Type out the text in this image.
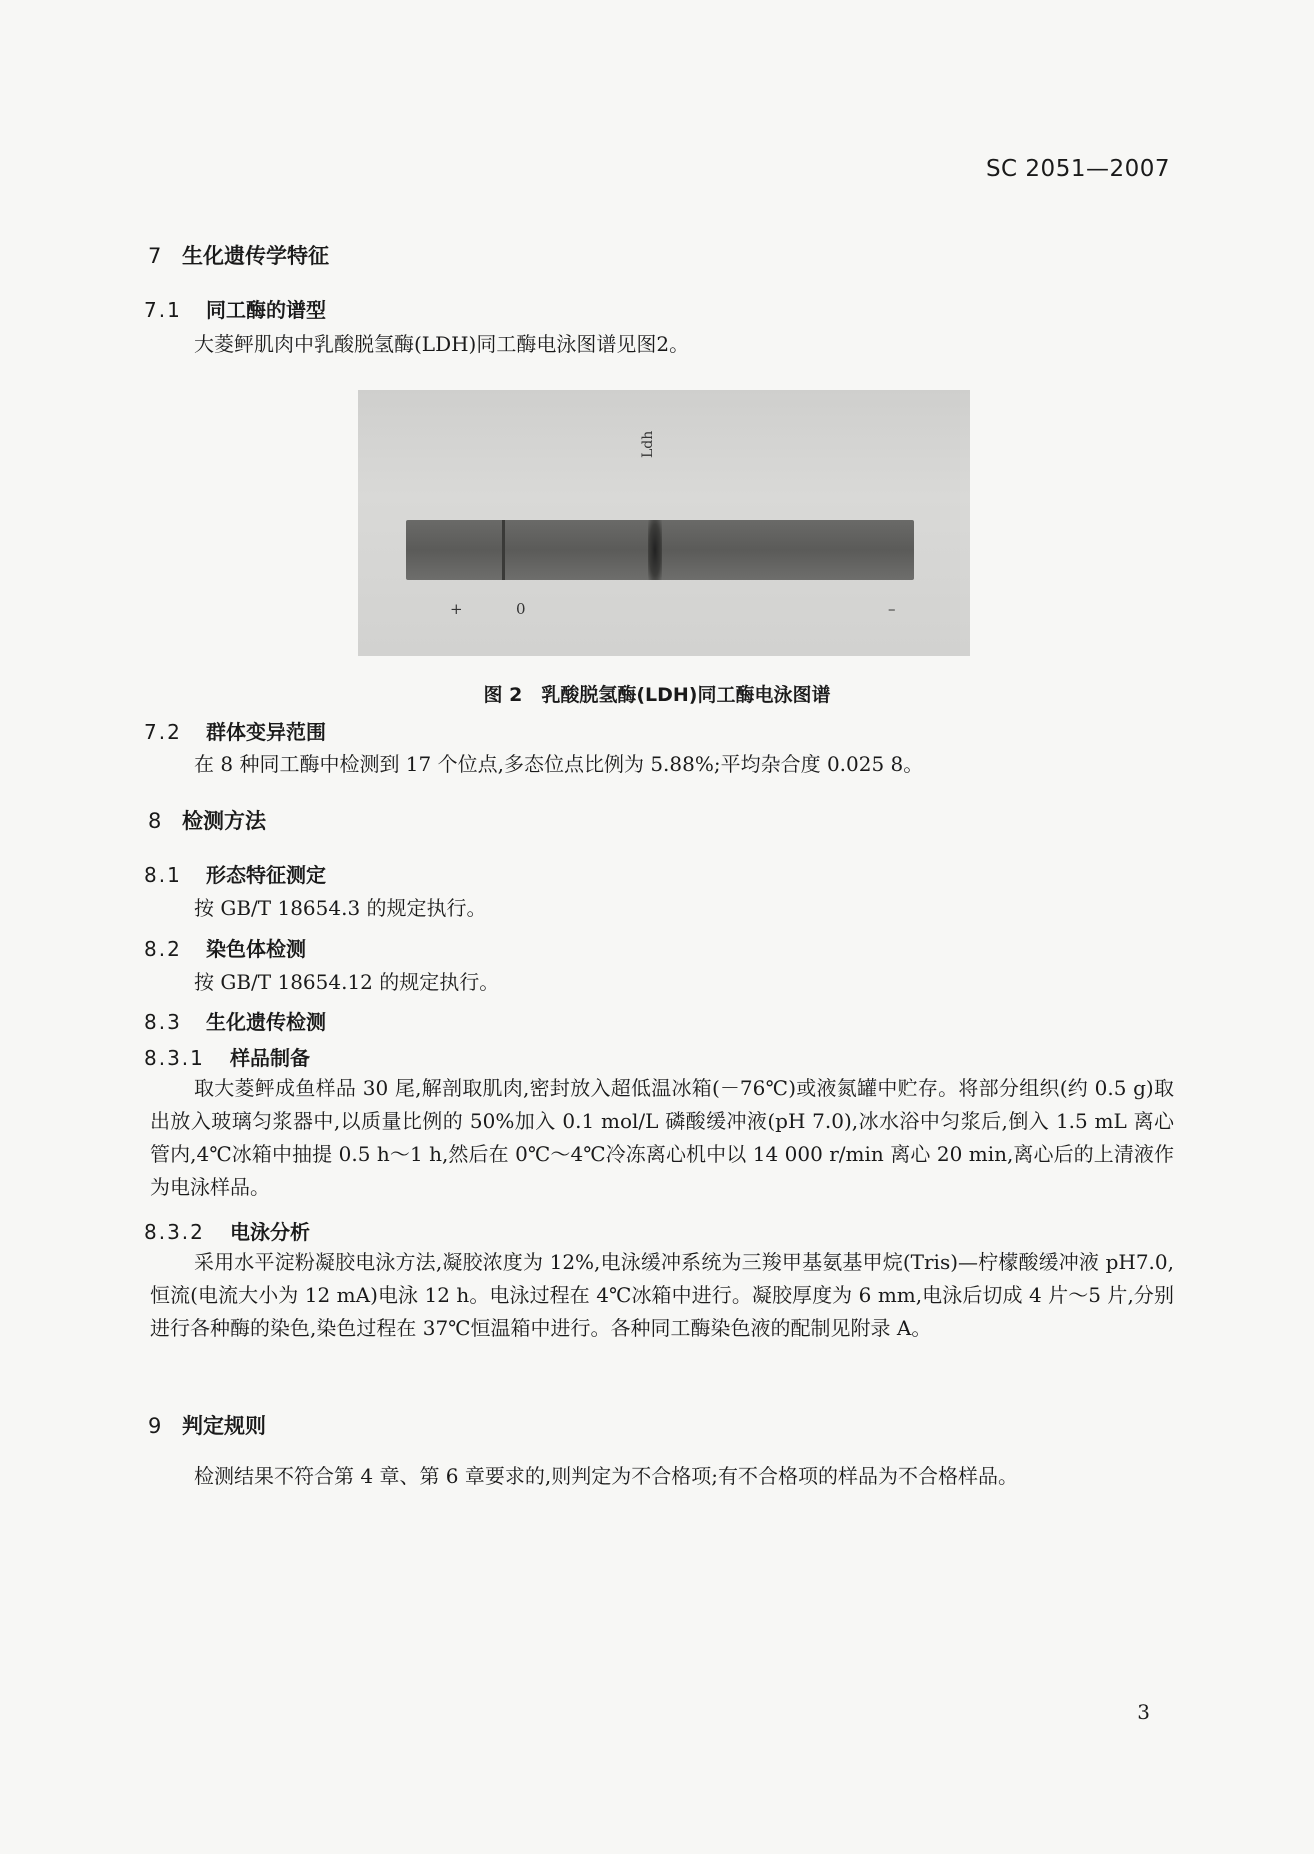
SC 2051—2007
7 生化遗传学特征
7.1 同工酶的谱型
大菱鲆肌肉中乳酸脱氢酶(LDH)同工酶电泳图谱见图2。
Ldh
+	0	–
图 2　乳酸脱氢酶(LDH)同工酶电泳图谱
7.2 群体变异范围
在 8 种同工酶中检测到 17 个位点,多态位点比例为 5.88%;平均杂合度 0.025 8。
8 检测方法
8.1 形态特征测定
按 GB/T 18654.3 的规定执行。
8.2 染色体检测
按 GB/T 18654.12 的规定执行。
8.3 生化遗传检测
8.3.1 样品制备
取大菱鲆成鱼样品 30 尾,解剖取肌肉,密封放入超低温冰箱(－76℃)或液氮罐中贮存。将部分组织(约 0.5 g)取出放入玻璃匀浆器中,以质量比例的 50%加入 0.1 mol/L 磷酸缓冲液(pH 7.0),冰水浴中匀浆后,倒入 1.5 mL 离心管内,4℃冰箱中抽提 0.5 h～1 h,然后在 0℃～4℃冷冻离心机中以 14 000 r/min 离心 20 min,离心后的上清液作为电泳样品。
8.3.2 电泳分析
采用水平淀粉凝胶电泳方法,凝胶浓度为 12%,电泳缓冲系统为三羧甲基氨基甲烷(Tris)—柠檬酸缓冲液 pH7.0,恒流(电流大小为 12 mA)电泳 12 h。电泳过程在 4℃冰箱中进行。凝胶厚度为 6 mm,电泳后切成 4 片～5 片,分别进行各种酶的染色,染色过程在 37℃恒温箱中进行。各种同工酶染色液的配制见附录 A。
9 判定规则
检测结果不符合第 4 章、第 6 章要求的,则判定为不合格项;有不合格项的样品为不合格样品。
3
